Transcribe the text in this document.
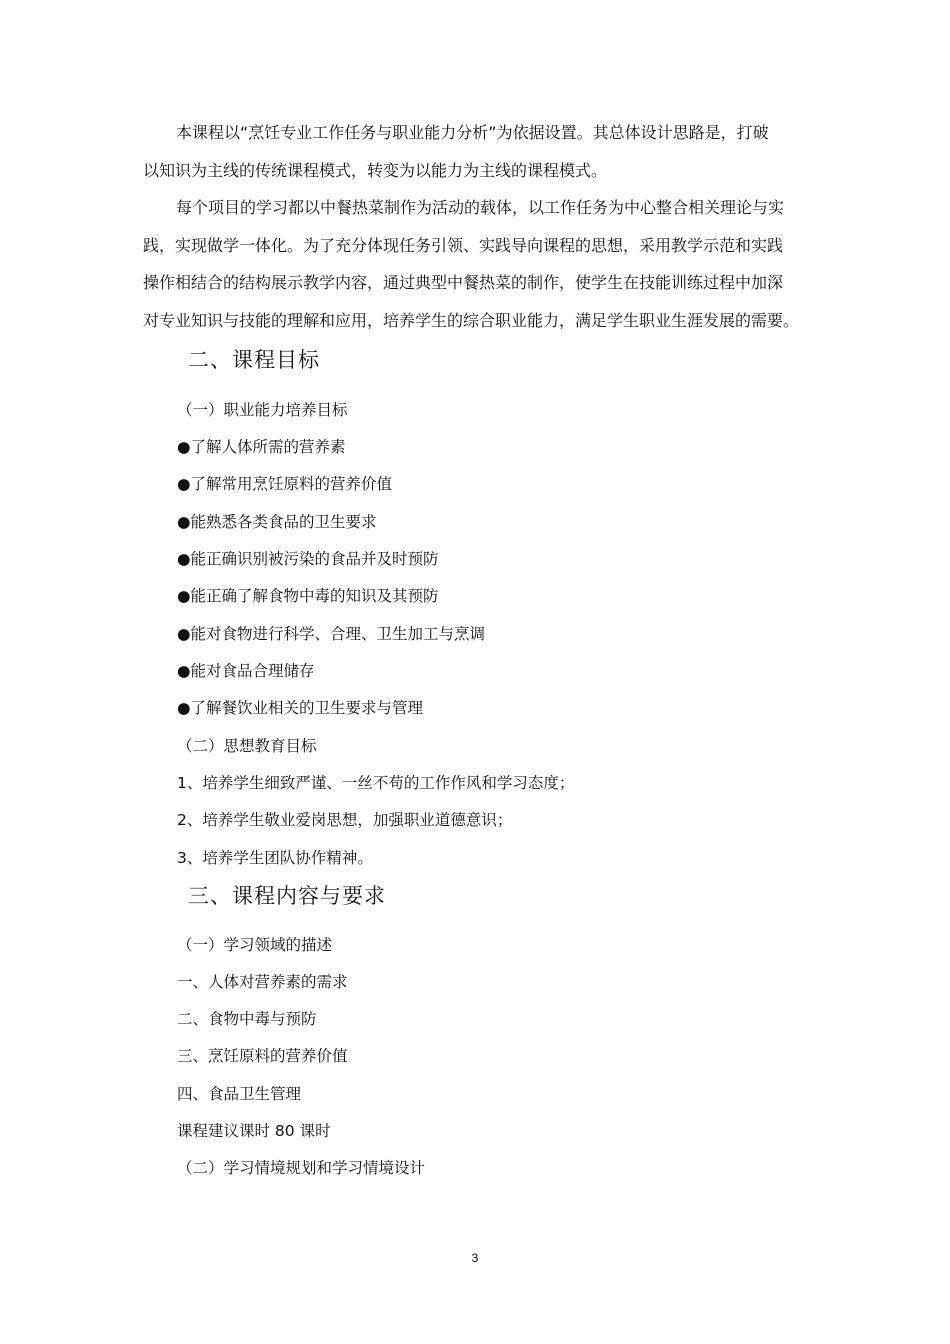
本课程以“烹饪专业工作任务与职业能力分析”为依据设置。其总体设计思路是，打破
以知识为主线的传统课程模式，转变为以能力为主线的课程模式。
每个项目的学习都以中餐热菜制作为活动的载体，以工作任务为中心整合相关理论与实
践，实现做学一体化。为了充分体现任务引领、实践导向课程的思想，采用教学示范和实践
操作相结合的结构展示教学内容，通过典型中餐热菜的制作，使学生在技能训练过程中加深
对专业知识与技能的理解和应用，培养学生的综合职业能力，满足学生职业生涯发展的需要。
二、课程目标

（一）职业能力培养目标

●了解人体所需的营养素

●了解常用烹饪原料的营养价值

●能熟悉各类食品的卫生要求

●能正确识别被污染的食品并及时预防

●能正确了解食物中毒的知识及其预防

●能对食物进行科学、合理、卫生加工与烹调

●能对食品合理储存

●了解餐饮业相关的卫生要求与管理

（二）思想教育目标

1、培养学生细致严谨、一丝不苟的工作作风和学习态度；

2、培养学生敬业爱岗思想，加强职业道德意识；

3、培养学生团队协作精神。

三、课程内容与要求

（一）学习领域的描述

一、人体对营养素的需求

二、食物中毒与预防

三、烹饪原料的营养价值

四、食品卫生管理

课程建议课时 80 课时

（二）学习情境规划和学习情境设计

3
